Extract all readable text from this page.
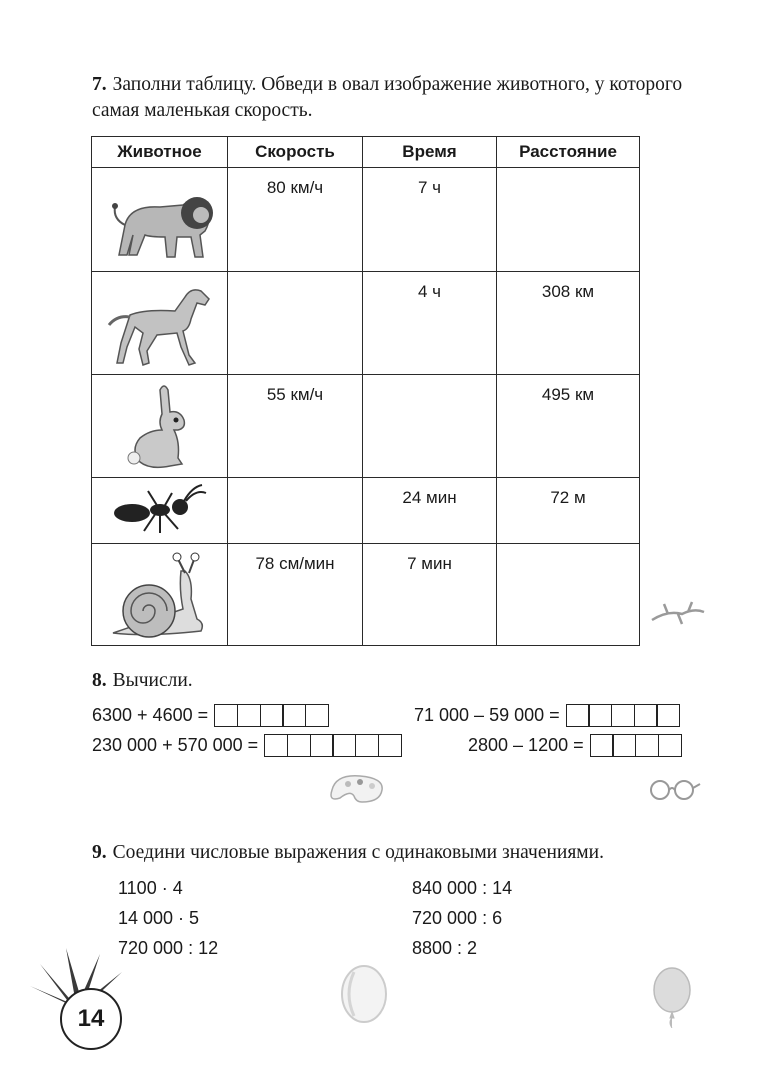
7. Заполни таблицу. Обведи в овал изображение животного, у которого самая маленькая скорость.
Животное	Скорость	Время	Расстояние

	80 км/ч	7 ч	

		4 ч	308 км

	55 км/ч		495 км

		24 мин	72 м

	78 см/мин	7 мин	
8. Вычисли.
6300 + 4600 =	71 000 – 59 000 =
230 000 + 570 000 =	2800 – 1200 =
9. Соедини числовые выражения с одинаковыми значениями.
1100 · 4
14 000 · 5
720 000 : 12
840 000 : 14
720 000 : 6
8800 : 2
14
